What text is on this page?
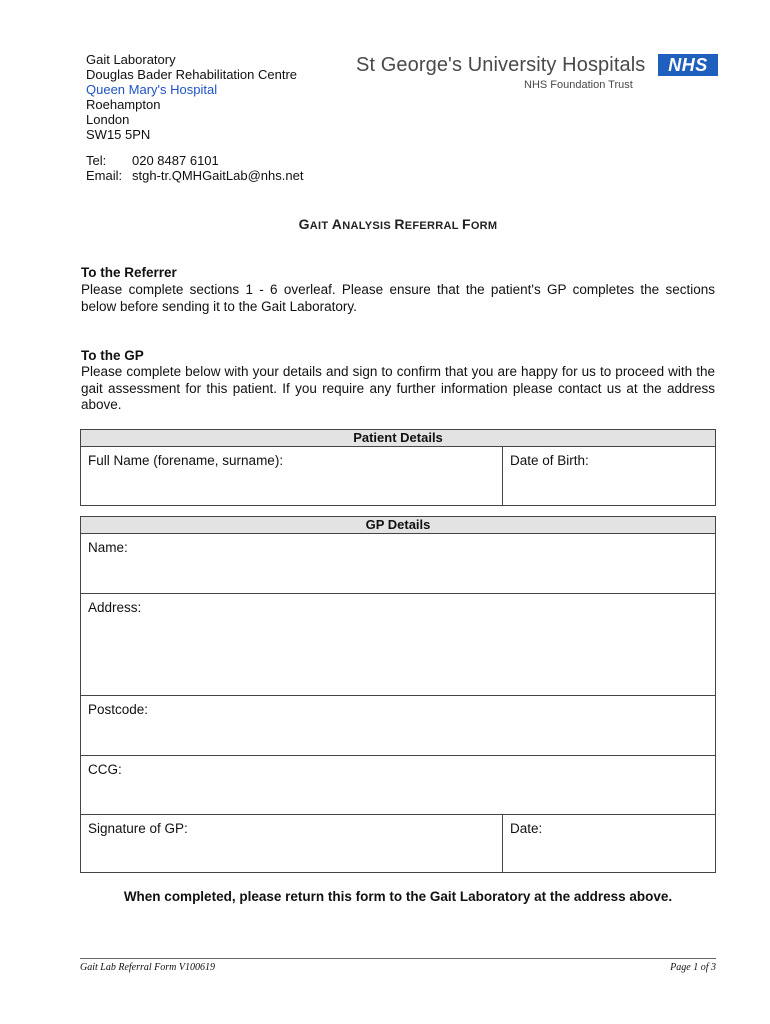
Gait Laboratory
Douglas Bader Rehabilitation Centre
Queen Mary's Hospital
Roehampton
London
SW15 5PN
Tel: 020 8487 6101
Email: stgh-tr.QMHGaitLab@nhs.net
St George's University Hospitals	NHS
NHS Foundation Trust
GAIT ANALYSIS REFERRAL FORM
To the Referrer
Please complete sections 1 - 6 overleaf. Please ensure that the patient's GP completes the sections below before sending it to the Gait Laboratory.
To the GP
Please complete below with your details and sign to confirm that you are happy for us to proceed with the gait assessment for this patient. If you require any further information please contact us at the address above.
Patient Details
Full Name (forename, surname):	Date of Birth:
GP Details
Name:
Address:
Postcode:
CCG:
Signature of GP:	Date:
When completed, please return this form to the Gait Laboratory at the address above.
Gait Lab Referral Form V100619	Page 1 of 3
